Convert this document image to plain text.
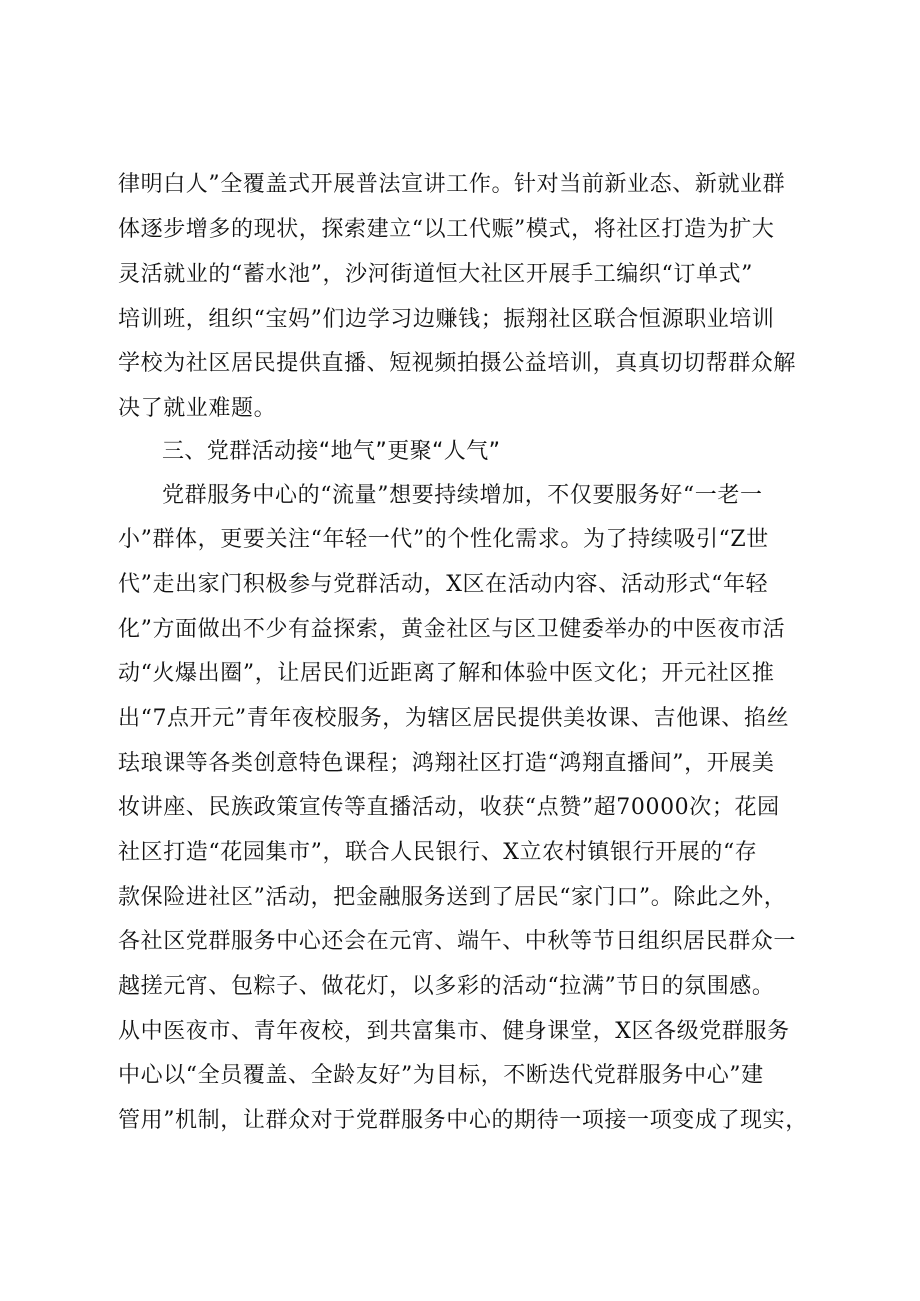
律明白人”全覆盖式开展普法宣讲工作。针对当前新业态、新就业群
体逐步增多的现状，探索建立“以工代赈”模式，将社区打造为扩大
灵活就业的“蓄水池”，沙河街道恒大社区开展手工编织“订单式”
培训班，组织“宝妈”们边学习边赚钱；振翔社区联合恒源职业培训
学校为社区居民提供直播、短视频拍摄公益培训，真真切切帮群众解
决了就业难题。
三、党群活动接“地气”更聚“人气”
党群服务中心的“流量”想要持续增加，不仅要服务好“一老一
小”群体，更要关注“年轻一代”的个性化需求。为了持续吸引“Z世
代”走出家门积极参与党群活动，X区在活动内容、活动形式“年轻
化”方面做出不少有益探索，黄金社区与区卫健委举办的中医夜市活
动“火爆出圈”，让居民们近距离了解和体验中医文化；开元社区推
出“7点开元”青年夜校服务，为辖区居民提供美妆课、吉他课、掐丝
珐琅课等各类创意特色课程；鸿翔社区打造“鸿翔直播间”，开展美
妆讲座、民族政策宣传等直播活动，收获“点赞”超70000次；花园
社区打造“花园集市”，联合人民银行、X立农村镇银行开展的“存
款保险进社区”活动，把金融服务送到了居民“家门口”。除此之外，
各社区党群服务中心还会在元宵、端午、中秋等节日组织居民群众一
越搓元宵、包粽子、做花灯，以多彩的活动“拉满”节日的氛围感。
从中医夜市、青年夜校，到共富集市、健身课堂，X区各级党群服务
中心以“全员覆盖、全龄友好”为目标，不断迭代党群服务中心”建
管用”机制，让群众对于党群服务中心的期待一项接一项变成了现实，
